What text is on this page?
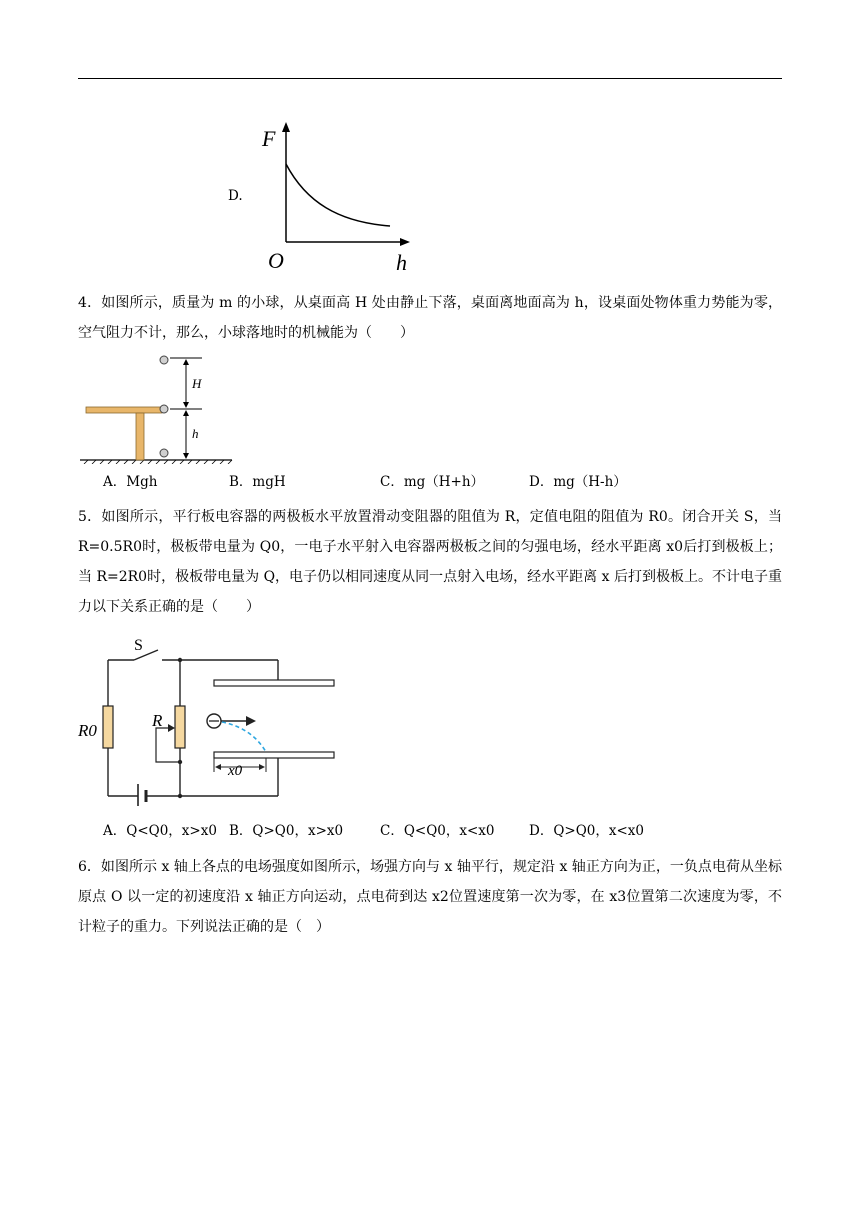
D.
F
O	h
4．如图所示，质量为 m 的小球，从桌面高 H 处由静止下落，桌面离地面高为 h，设桌面处物体重力势能为零，空气阻力不计，那么，小球落地时的机械能为（　　）
H
h
A．Mgh	B．mgH	C．mg（H+h）	D．mg（H-h）
5．如图所示，平行板电容器的两极板水平放置滑动变阻器的阻值为 R，定值电阻的阻值为 R0。闭合开关 S，当 R=0.5R0时，极板带电量为 Q0，一电子水平射入电容器两极板之间的匀强电场，经水平距离 x0后打到极板上；当 R=2R0时，极板带电量为 Q，电子仍以相同速度从同一点射入电场，经水平距离 x 后打到极板上。不计电子重力以下关系正确的是（　　）
S
R0
R
x0
A．Q<Q0，x>x0 B．Q>Q0，x>x0	C．Q<Q0，x<x0	D．Q>Q0，x<x0
6．如图所示 x 轴上各点的电场强度如图所示，场强方向与 x 轴平行，规定沿 x 轴正方向为正，一负点电荷从坐标原点 O 以一定的初速度沿 x 轴正方向运动，点电荷到达 x2位置速度第一次为零，在 x3位置第二次速度为零，不计粒子的重力。下列说法正确的是（　）
